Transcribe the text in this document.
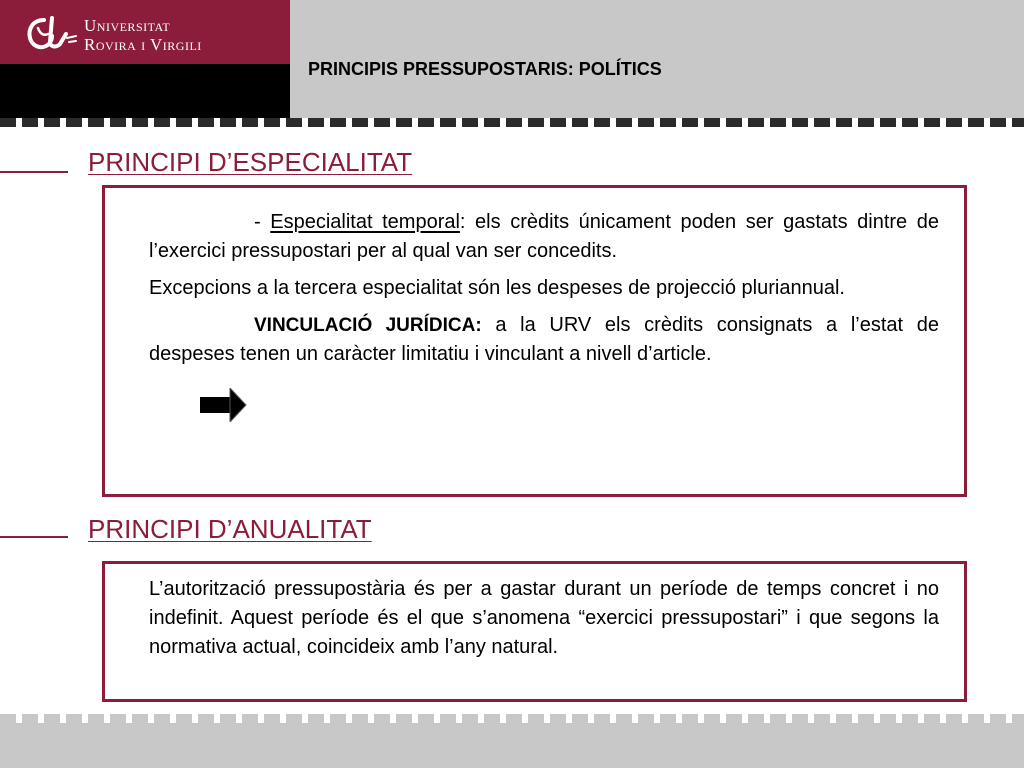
Universitat
Rovira i Virgili
PRINCIPIS PRESSUPOSTARIS: POLÍTICS
PRINCIPI D’ESPECIALITAT

- Especialitat temporal: els crèdits únicament poden ser gastats dintre de l’exercici pressupostari per al qual van ser concedits.

Excepcions a la tercera especialitat són les despeses de projecció pluriannual.

VINCULACIÓ JURÍDICA: a la URV els crèdits consignats a l’estat de despeses tenen un caràcter limitatiu i vinculant a nivell d’article.

PRINCIPI D’ANUALITAT

L’autorització pressupostària és per a gastar durant un període de temps concret i no indefinit. Aquest període és el que s’anomena “exercici pressupostari” i que segons la normativa actual, coincideix amb l’any natural.
